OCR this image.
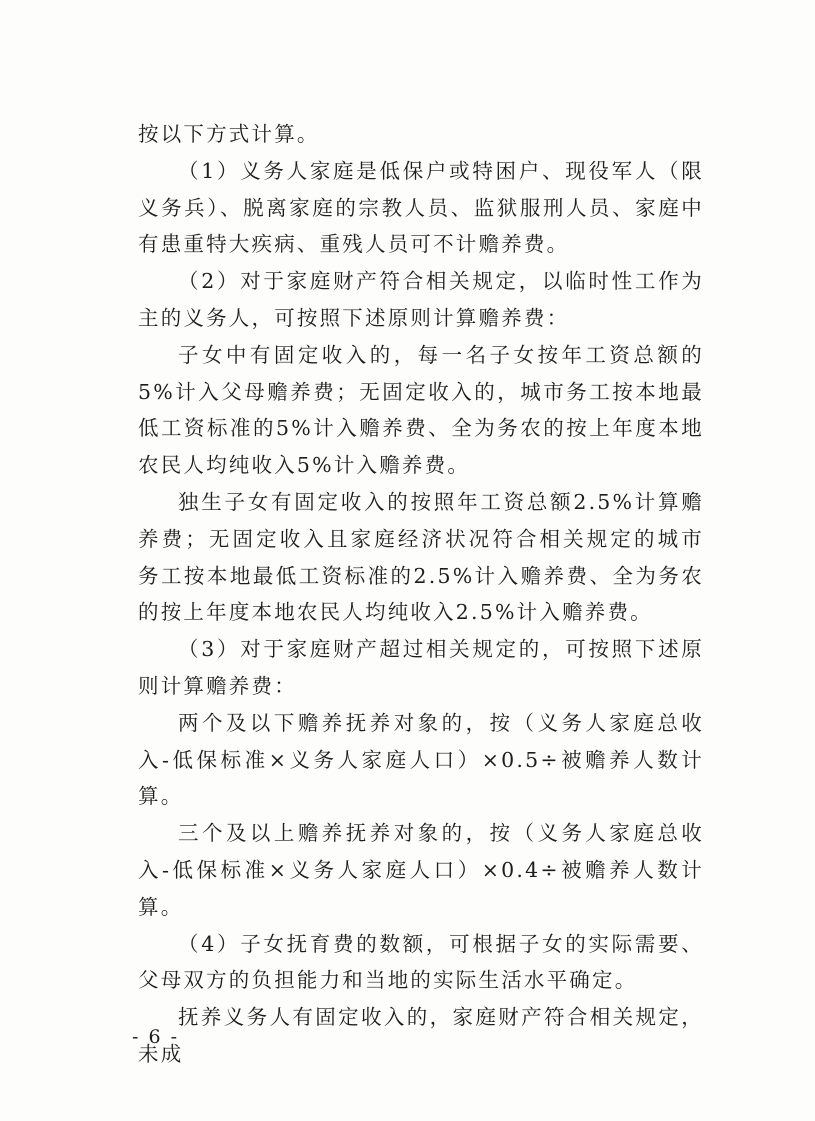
按以下方式计算。

（1）义务人家庭是低保户或特困户、现役军人（限义务兵）、脱离家庭的宗教人员、监狱服刑人员、家庭中有患重特大疾病、重残人员可不计赡养费。

（2）对于家庭财产符合相关规定，以临时性工作为主的义务人，可按照下述原则计算赡养费：

子女中有固定收入的，每一名子女按年工资总额的5%计入父母赡养费；无固定收入的，城市务工按本地最低工资标准的5%计入赡养费、全为务农的按上年度本地农民人均纯收入5%计入赡养费。

独生子女有固定收入的按照年工资总额2.5%计算赡养费；无固定收入且家庭经济状况符合相关规定的城市务工按本地最低工资标准的2.5%计入赡养费、全为务农的按上年度本地农民人均纯收入2.5%计入赡养费。

（3）对于家庭财产超过相关规定的，可按照下述原则计算赡养费：

两个及以下赡养抚养对象的，按（义务人家庭总收入-低保标准×义务人家庭人口）×0.5÷被赡养人数计算。

三个及以上赡养抚养对象的，按（义务人家庭总收入-低保标准×义务人家庭人口）×0.4÷被赡养人数计算。

（4）子女抚育费的数额，可根据子女的实际需要、父母双方的负担能力和当地的实际生活水平确定。

抚养义务人有固定收入的，家庭财产符合相关规定，未成

- 6 -
